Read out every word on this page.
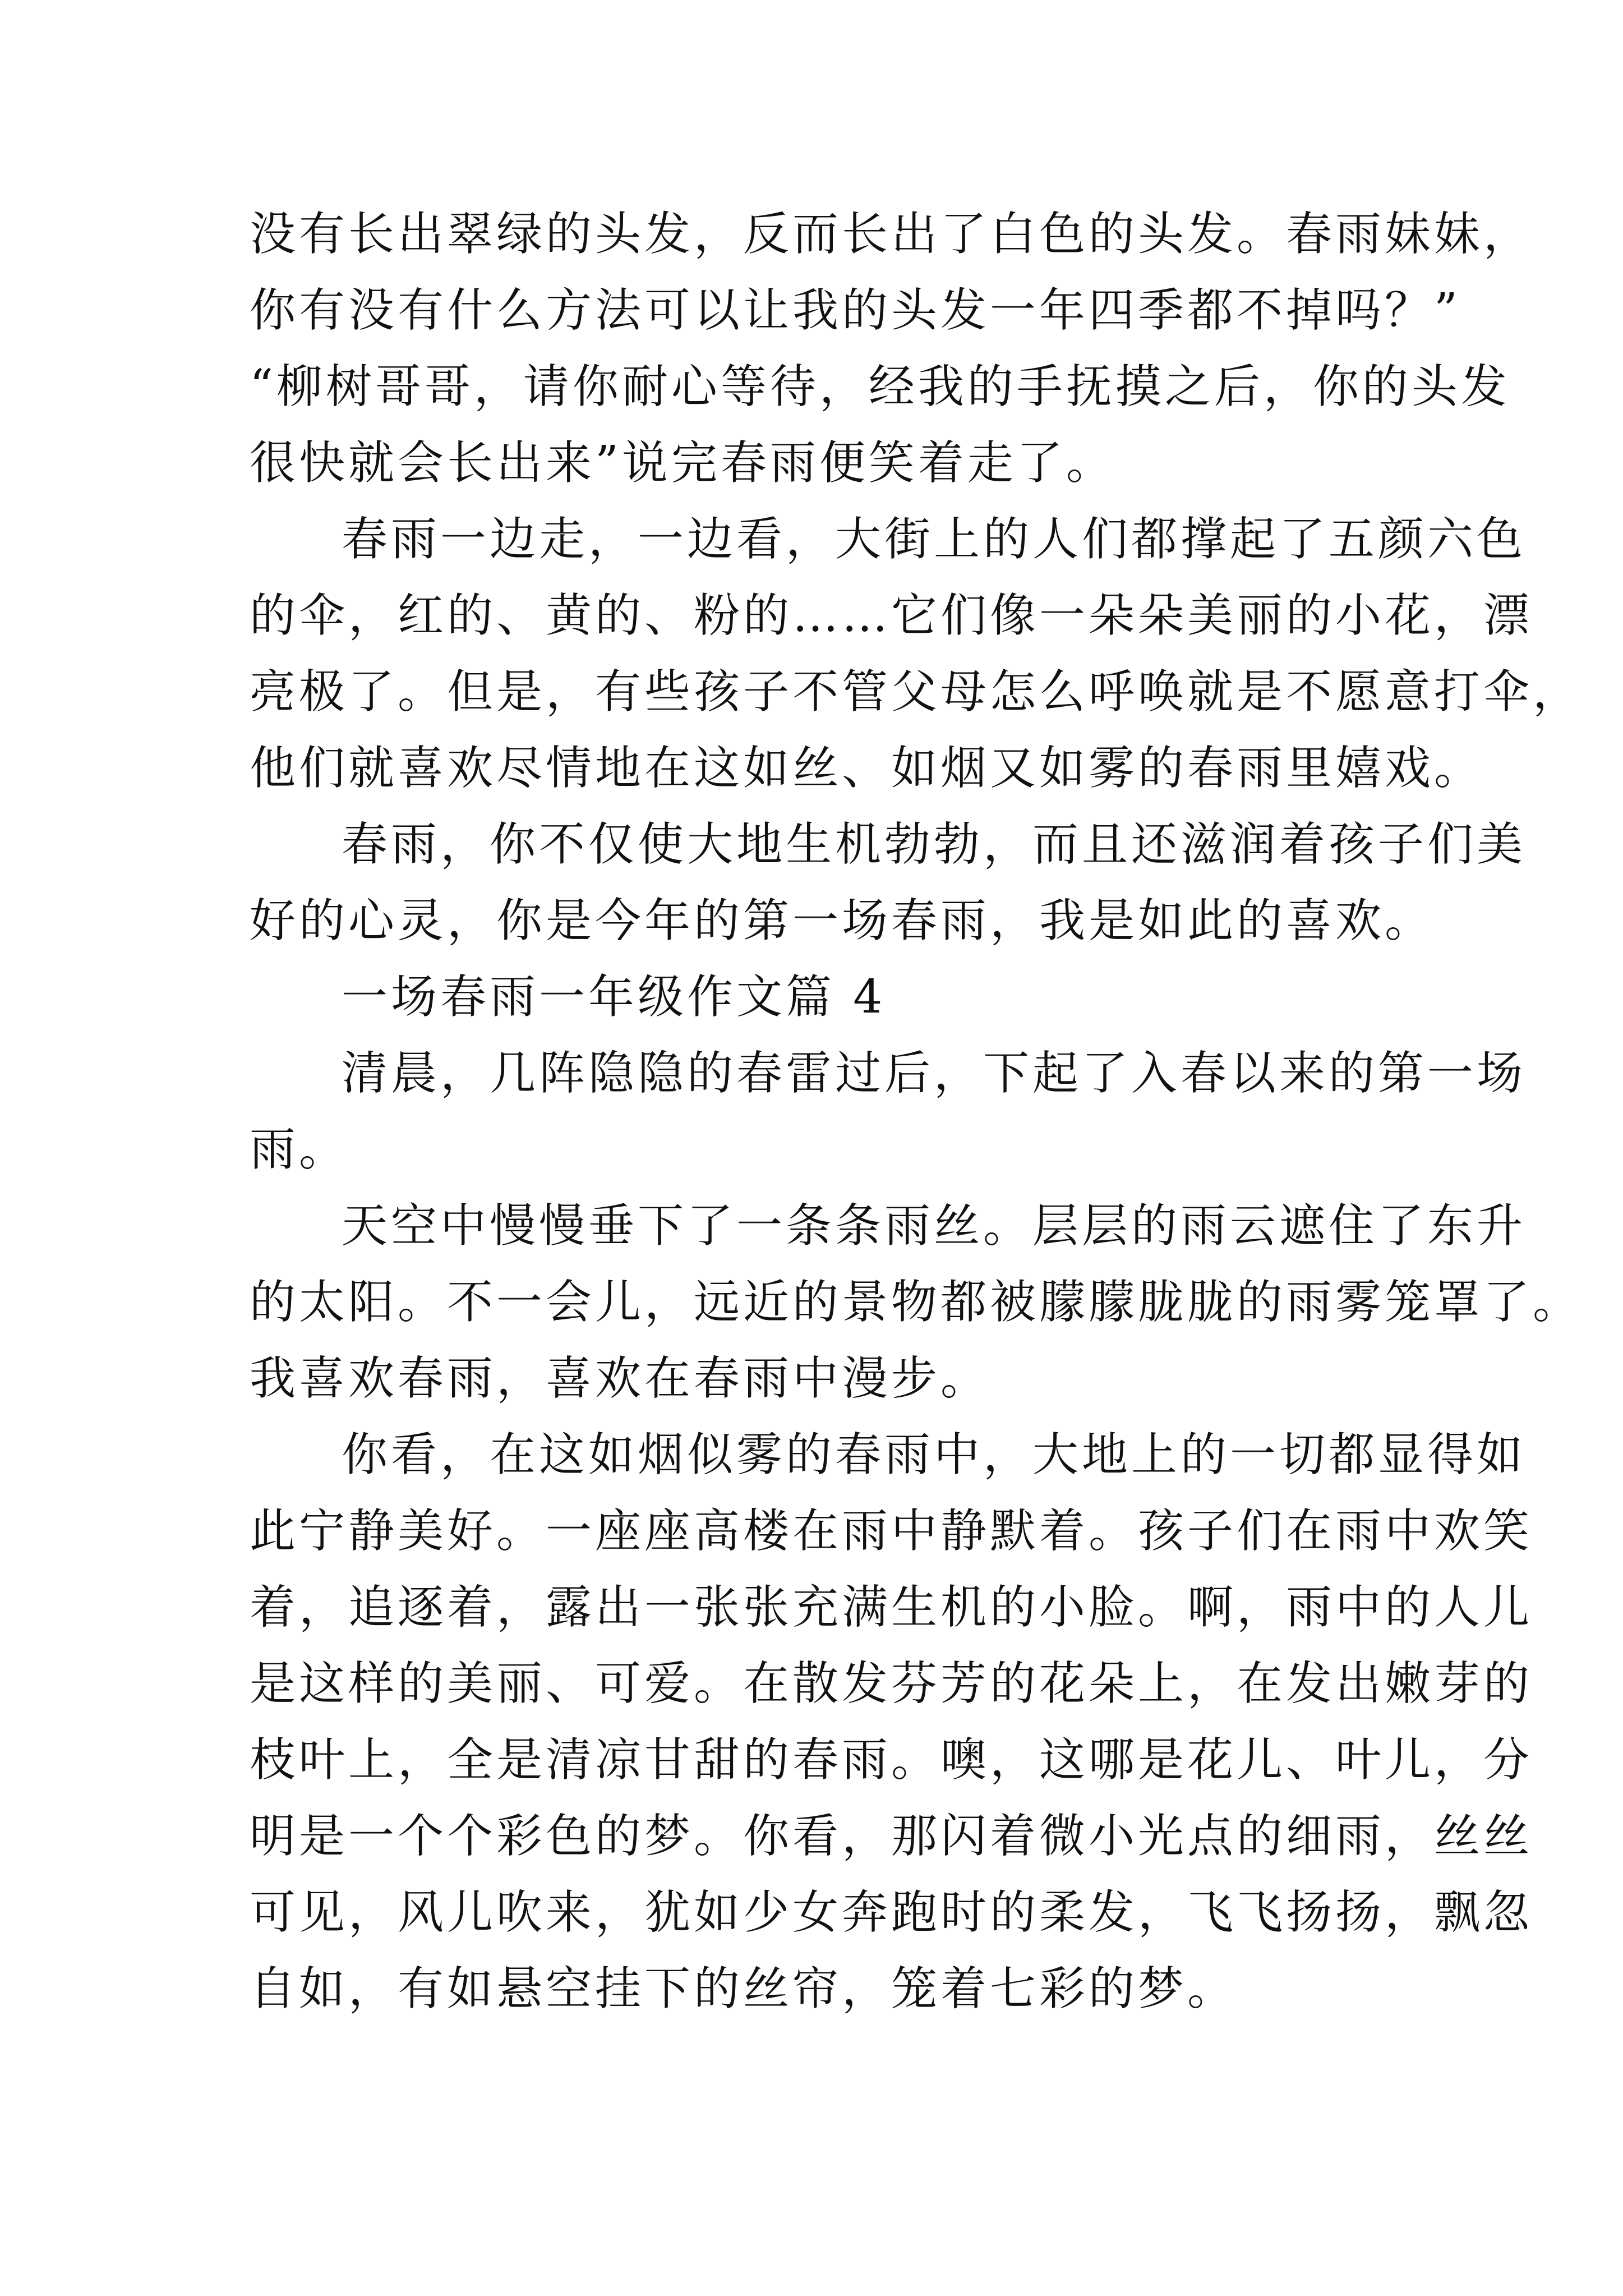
没有长出翠绿的头发，反而长出了白色的头发。春雨妹妹，
你有没有什么方法可以让我的头发一年四季都不掉吗？”
“柳树哥哥，请你耐心等待，经我的手抚摸之后，你的头发
很快就会长出来”说完春雨便笑着走了。
春雨一边走，一边看，大街上的人们都撑起了五颜六色
的伞，红的、黄的、粉的……它们像一朵朵美丽的小花，漂
亮极了。但是，有些孩子不管父母怎么呼唤就是不愿意打伞，
他们就喜欢尽情地在这如丝、如烟又如雾的春雨里嬉戏。
春雨，你不仅使大地生机勃勃，而且还滋润着孩子们美
好的心灵，你是今年的第一场春雨，我是如此的喜欢。
一场春雨一年级作文篇 4
清晨，几阵隐隐的春雷过后，下起了入春以来的第一场
雨。
天空中慢慢垂下了一条条雨丝。层层的雨云遮住了东升
的太阳。不一会儿，远近的景物都被朦朦胧胧的雨雾笼罩了。
我喜欢春雨，喜欢在春雨中漫步。
你看，在这如烟似雾的春雨中，大地上的一切都显得如
此宁静美好。一座座高楼在雨中静默着。孩子们在雨中欢笑
着，追逐着，露出一张张充满生机的小脸。啊，雨中的人儿
是这样的美丽、可爱。在散发芬芳的花朵上，在发出嫩芽的
枝叶上，全是清凉甘甜的春雨。噢，这哪是花儿、叶儿，分
明是一个个彩色的梦。你看，那闪着微小光点的细雨，丝丝
可见，风儿吹来，犹如少女奔跑时的柔发，飞飞扬扬，飘忽
自如，有如悬空挂下的丝帘，笼着七彩的梦。
